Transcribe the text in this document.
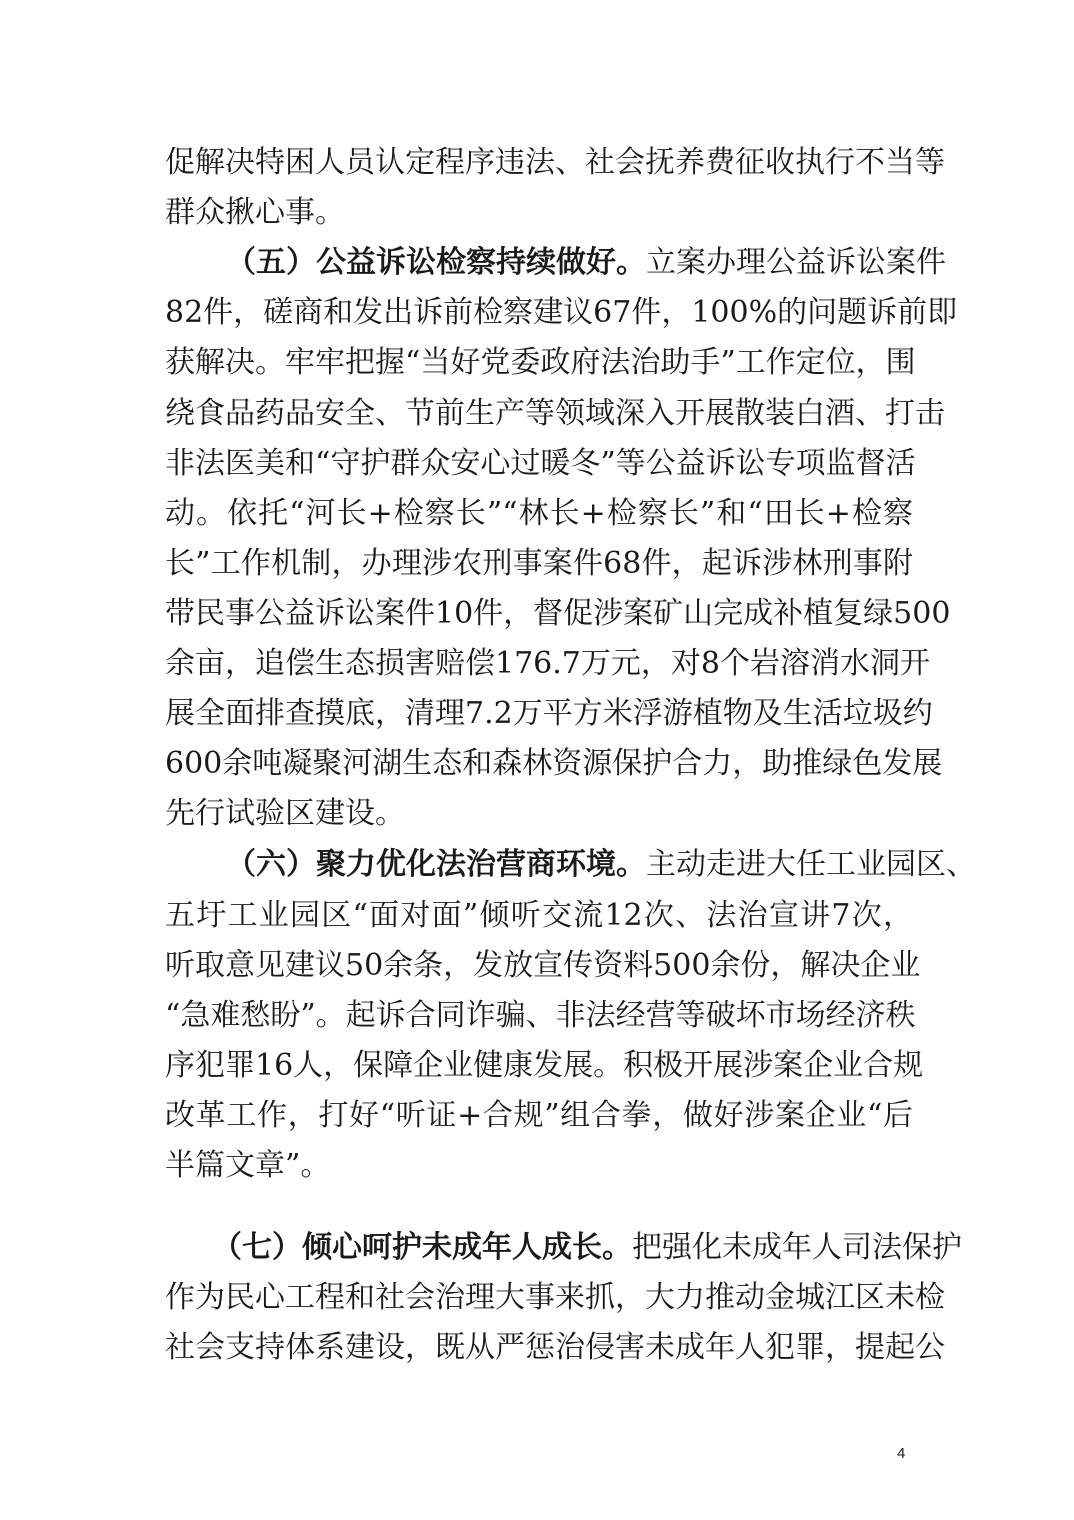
促解决特困人员认定程序违法、社会抚养费征收执行不当等
群众揪心事。
（五）公益诉讼检察持续做好。立案办理公益诉讼案件
82件，磋商和发出诉前检察建议67件，100%的问题诉前即
获解决。牢牢把握“当好党委政府法治助手”工作定位，围
绕食品药品安全、节前生产等领域深入开展散装白酒、打击
非法医美和“守护群众安心过暖冬”等公益诉讼专项监督活
动。依托“河长+检察长”“林长+检察长”和“田长+检察
长”工作机制，办理涉农刑事案件68件，起诉涉林刑事附
带民事公益诉讼案件10件，督促涉案矿山完成补植复绿500
余亩，追偿生态损害赔偿176.7万元，对8个岩溶消水洞开
展全面排查摸底，清理7.2万平方米浮游植物及生活垃圾约
600余吨凝聚河湖生态和森林资源保护合力，助推绿色发展
先行试验区建设。
（六）聚力优化法治营商环境。主动走进大任工业园区、
五圩工业园区“面对面”倾听交流12次、法治宣讲7次，
听取意见建议50余条，发放宣传资料500余份，解决企业
“急难愁盼”。起诉合同诈骗、非法经营等破坏市场经济秩
序犯罪16人，保障企业健康发展。积极开展涉案企业合规
改革工作，打好“听证+合规”组合拳，做好涉案企业“后
半篇文章”。
（七）倾心呵护未成年人成长。把强化未成年人司法保护
作为民心工程和社会治理大事来抓，大力推动金城江区未检
社会支持体系建设，既从严惩治侵害未成年人犯罪，提起公
4
